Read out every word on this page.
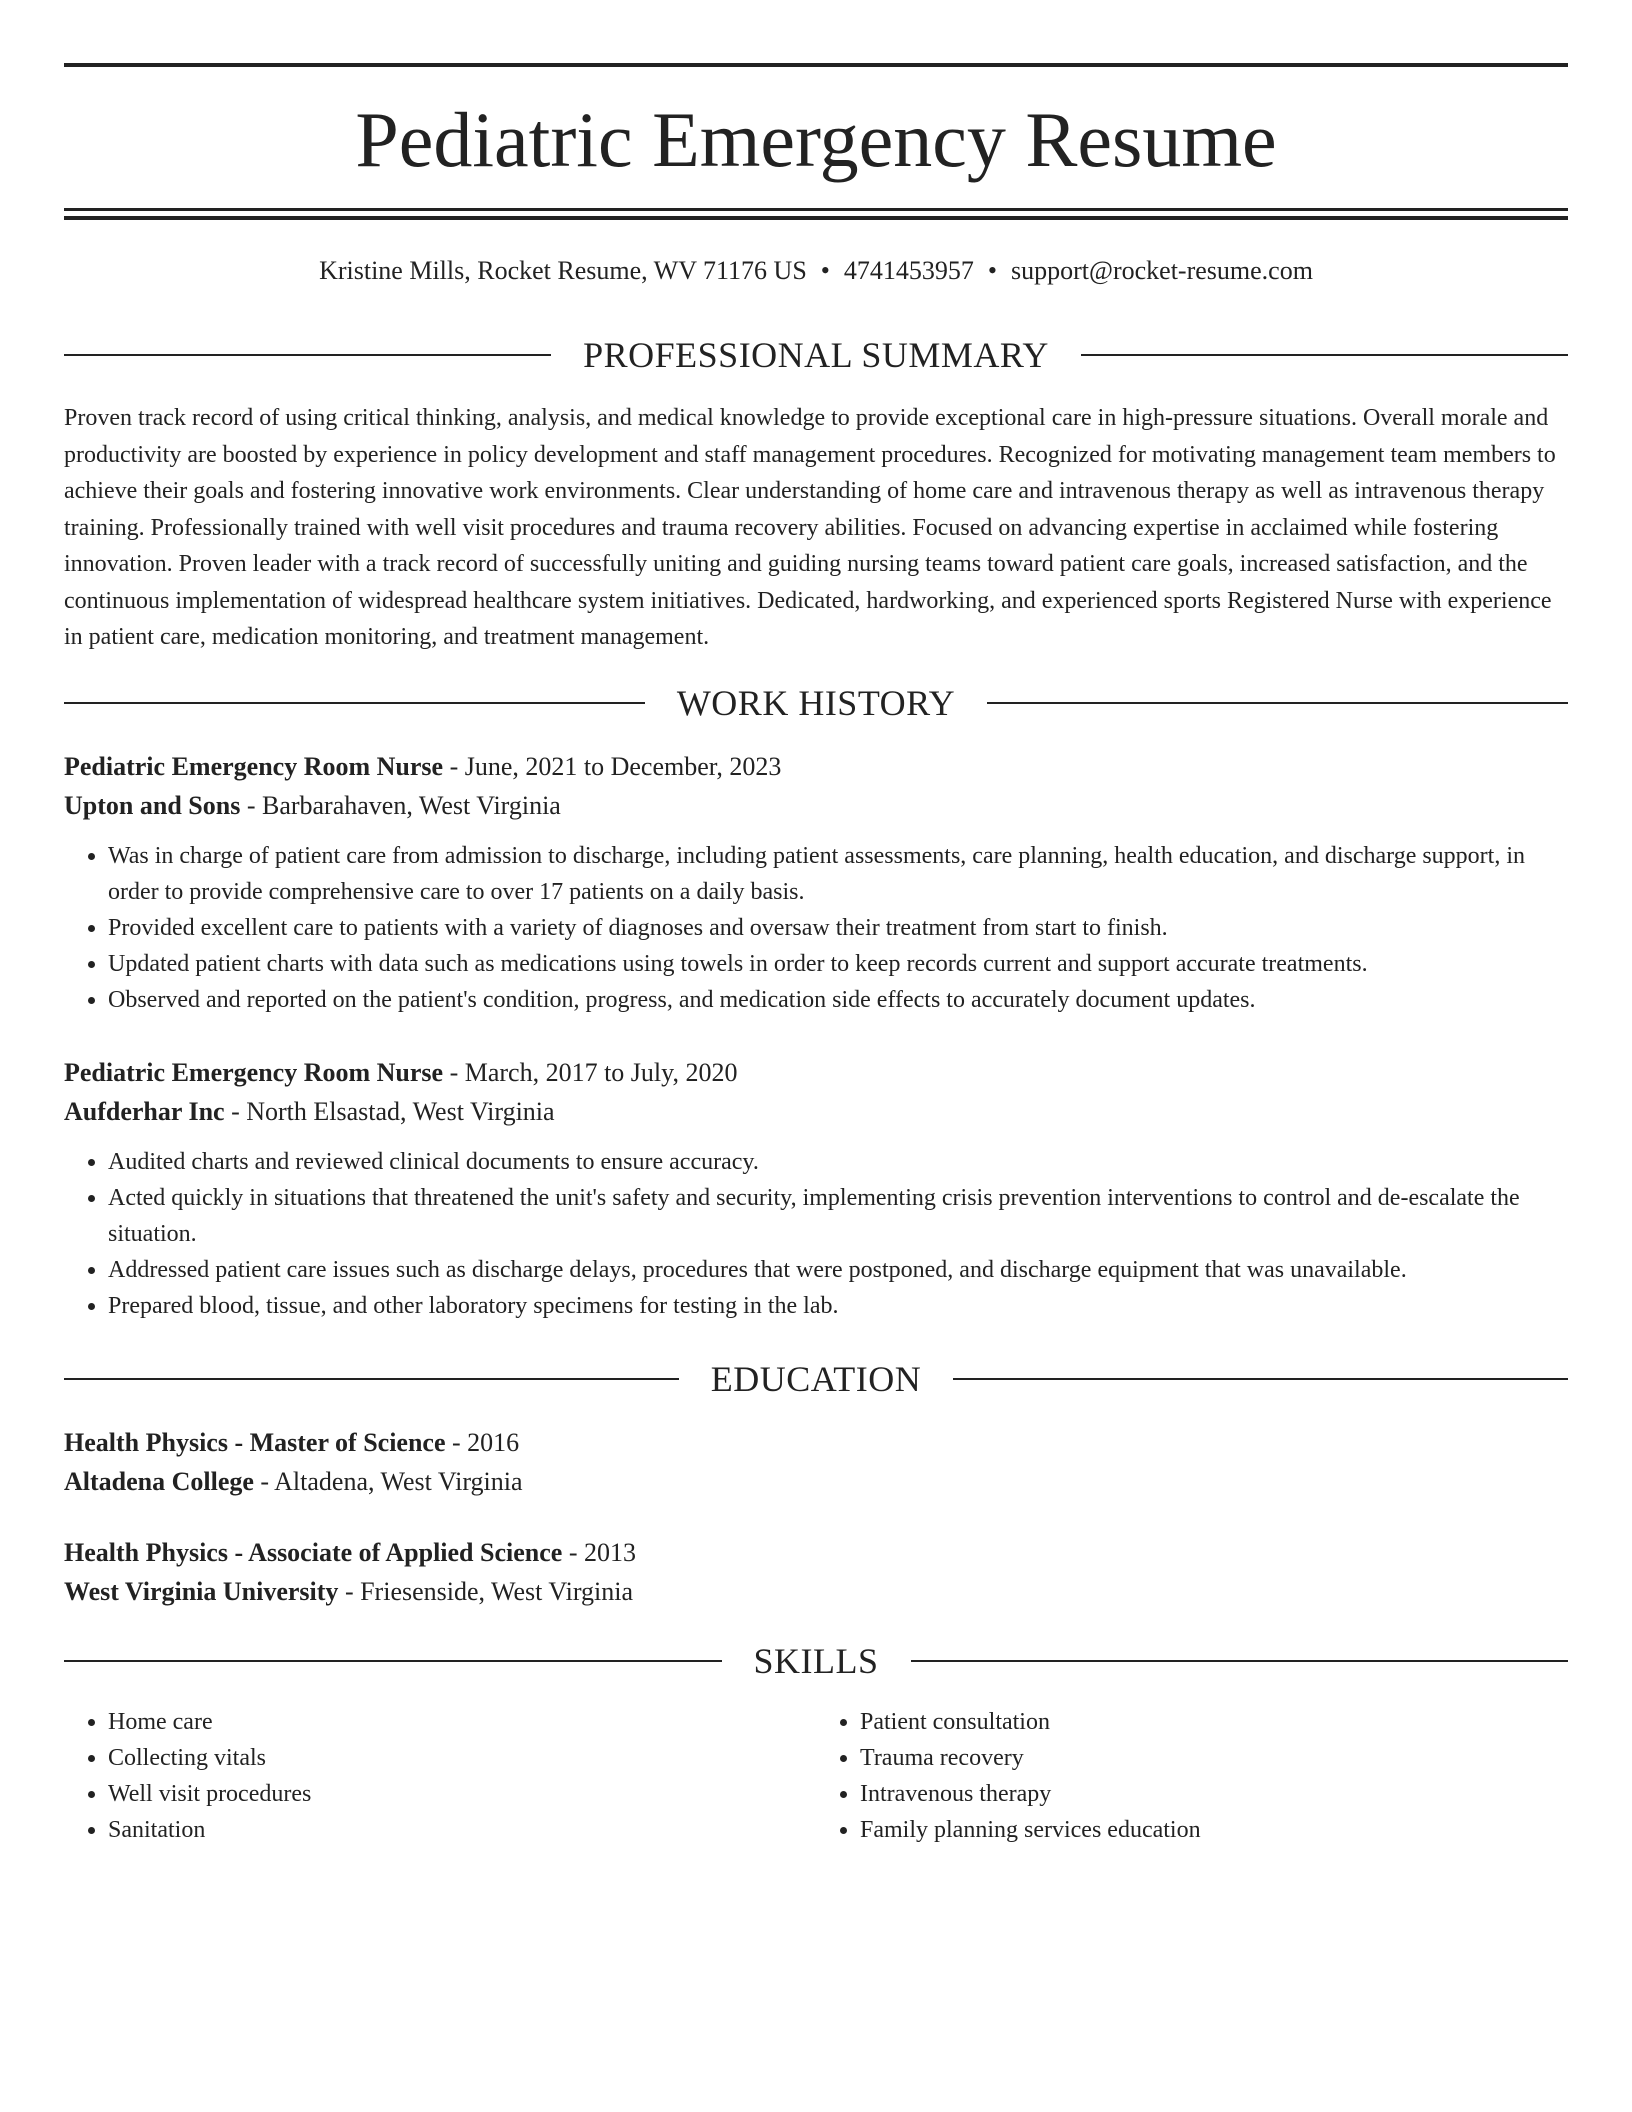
Pediatric Emergency Resume
Kristine Mills, Rocket Resume, WV 71176 US • 4741453957 • support@rocket-resume.com
PROFESSIONAL SUMMARY

Proven track record of using critical thinking, analysis, and medical knowledge to provide exceptional care in high-pressure situations. Overall morale and productivity are boosted by experience in policy development and staff management procedures. Recognized for motivating management team members to achieve their goals and fostering innovative work environments. Clear understanding of home care and intravenous therapy as well as intravenous therapy training. Professionally trained with well visit procedures and trauma recovery abilities. Focused on advancing expertise in acclaimed while fostering innovation. Proven leader with a track record of successfully uniting and guiding nursing teams toward patient care goals, increased satisfaction, and the continuous implementation of widespread healthcare system initiatives. Dedicated, hardworking, and experienced sports Registered Nurse with experience in patient care, medication monitoring, and treatment management.

WORK HISTORY
Pediatric Emergency Room Nurse - June, 2021 to December, 2023
Upton and Sons - Barbarahaven, West Virginia
• Was in charge of patient care from admission to discharge, including patient assessments, care planning, health education, and discharge support, in order to provide comprehensive care to over 17 patients on a daily basis.
• Provided excellent care to patients with a variety of diagnoses and oversaw their treatment from start to finish.
• Updated patient charts with data such as medications using towels in order to keep records current and support accurate treatments.
• Observed and reported on the patient's condition, progress, and medication side effects to accurately document updates.
Pediatric Emergency Room Nurse - March, 2017 to July, 2020
Aufderhar Inc - North Elsastad, West Virginia
• Audited charts and reviewed clinical documents to ensure accuracy.
• Acted quickly in situations that threatened the unit's safety and security, implementing crisis prevention interventions to control and de-escalate the situation.
• Addressed patient care issues such as discharge delays, procedures that were postponed, and discharge equipment that was unavailable.
• Prepared blood, tissue, and other laboratory specimens for testing in the lab.
EDUCATION
Health Physics - Master of Science - 2016
Altadena College - Altadena, West Virginia
Health Physics - Associate of Applied Science - 2013
West Virginia University - Friesenside, West Virginia
SKILLS
• Home care
• Collecting vitals
• Well visit procedures
• Sanitation
• Patient consultation
• Trauma recovery
• Intravenous therapy
• Family planning services education
